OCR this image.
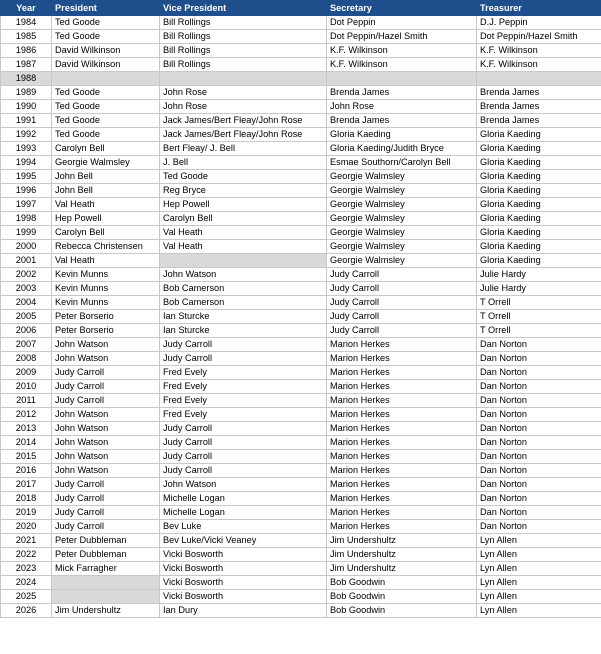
Year	President	Vice President	Secretary	Treasurer
1984	Ted Goode	Bill Rollings	Dot Peppin	D.J. Peppin
1985	Ted Goode	Bill Rollings	Dot Peppin/Hazel Smith	Dot Peppin/Hazel Smith
1986	David Wilkinson	Bill Rollings	K.F. Wilkinson	K.F. Wilkinson
1987	David Wilkinson	Bill Rollings	K.F. Wilkinson	K.F. Wilkinson
1988				
1989	Ted Goode	John Rose	Brenda James	Brenda James
1990	Ted Goode	John Rose	John Rose	Brenda James
1991	Ted Goode	Jack James/Bert Fleay/John Rose	Brenda James	Brenda James
1992	Ted Goode	Jack James/Bert Fleay/John Rose	Gloria Kaeding	Gloria Kaeding
1993	Carolyn Bell	Bert Fleay/ J. Bell	Gloria Kaeding/Judith Bryce	Gloria Kaeding
1994	Georgie Walmsley	J. Bell	Esmae Southorn/Carolyn Bell	Gloria Kaeding
1995	John Bell	Ted Goode	Georgie Walmsley	Gloria Kaeding
1996	John Bell	Reg Bryce	Georgie Walmsley	Gloria Kaeding
1997	Val Heath	Hep Powell	Georgie Walmsley	Gloria Kaeding
1998	Hep Powell	Carolyn Bell	Georgie Walmsley	Gloria Kaeding
1999	Carolyn Bell	Val Heath	Georgie Walmsley	Gloria Kaeding
2000	Rebecca Christensen	Val Heath	Georgie Walmsley	Gloria Kaeding
2001	Val Heath		Georgie Walmsley	Gloria Kaeding
2002	Kevin Munns	John Watson	Judy Carroll	Julie Hardy
2003	Kevin Munns	Bob Camerson	Judy Carroll	Julie Hardy
2004	Kevin Munns	Bob Camerson	Judy Carroll	T Orrell
2005	Peter Borserio	Ian Sturcke	Judy Carroll	T Orrell
2006	Peter Borserio	Ian Sturcke	Judy Carroll	T Orrell
2007	John Watson	Judy Carroll	Marion Herkes	Dan Norton
2008	John Watson	Judy Carroll	Marion Herkes	Dan Norton
2009	Judy Carroll	Fred Evely	Marion Herkes	Dan Norton
2010	Judy Carroll	Fred Evely	Marion Herkes	Dan Norton
2011	Judy Carroll	Fred Evely	Marion Herkes	Dan Norton
2012	John Watson	Fred Evely	Marion Herkes	Dan Norton
2013	John Watson	Judy Carroll	Marion Herkes	Dan Norton
2014	John Watson	Judy Carroll	Marion Herkes	Dan Norton
2015	John Watson	Judy Carroll	Marion Herkes	Dan Norton
2016	John Watson	Judy Carroll	Marion Herkes	Dan Norton
2017	Judy Carroll	John Watson	Marion Herkes	Dan Norton
2018	Judy Carroll	Michelle Logan	Marion Herkes	Dan Norton
2019	Judy Carroll	Michelle Logan	Marion Herkes	Dan Norton
2020	Judy Carroll	Bev Luke	Marion Herkes	Dan Norton
2021	Peter Dubbleman	Bev Luke/Vicki Veaney	Jim Undershultz	Lyn Allen
2022	Peter Dubbleman	Vicki Bosworth	Jim Undershultz	Lyn Allen
2023	Mick Farragher	Vicki Bosworth	Jim Undershultz	Lyn Allen
2024		Vicki Bosworth	Bob Goodwin	Lyn Allen
2025		Vicki Bosworth	Bob Goodwin	Lyn Allen
2026	Jim Undershultz	Ian Dury	Bob Goodwin	Lyn Allen
